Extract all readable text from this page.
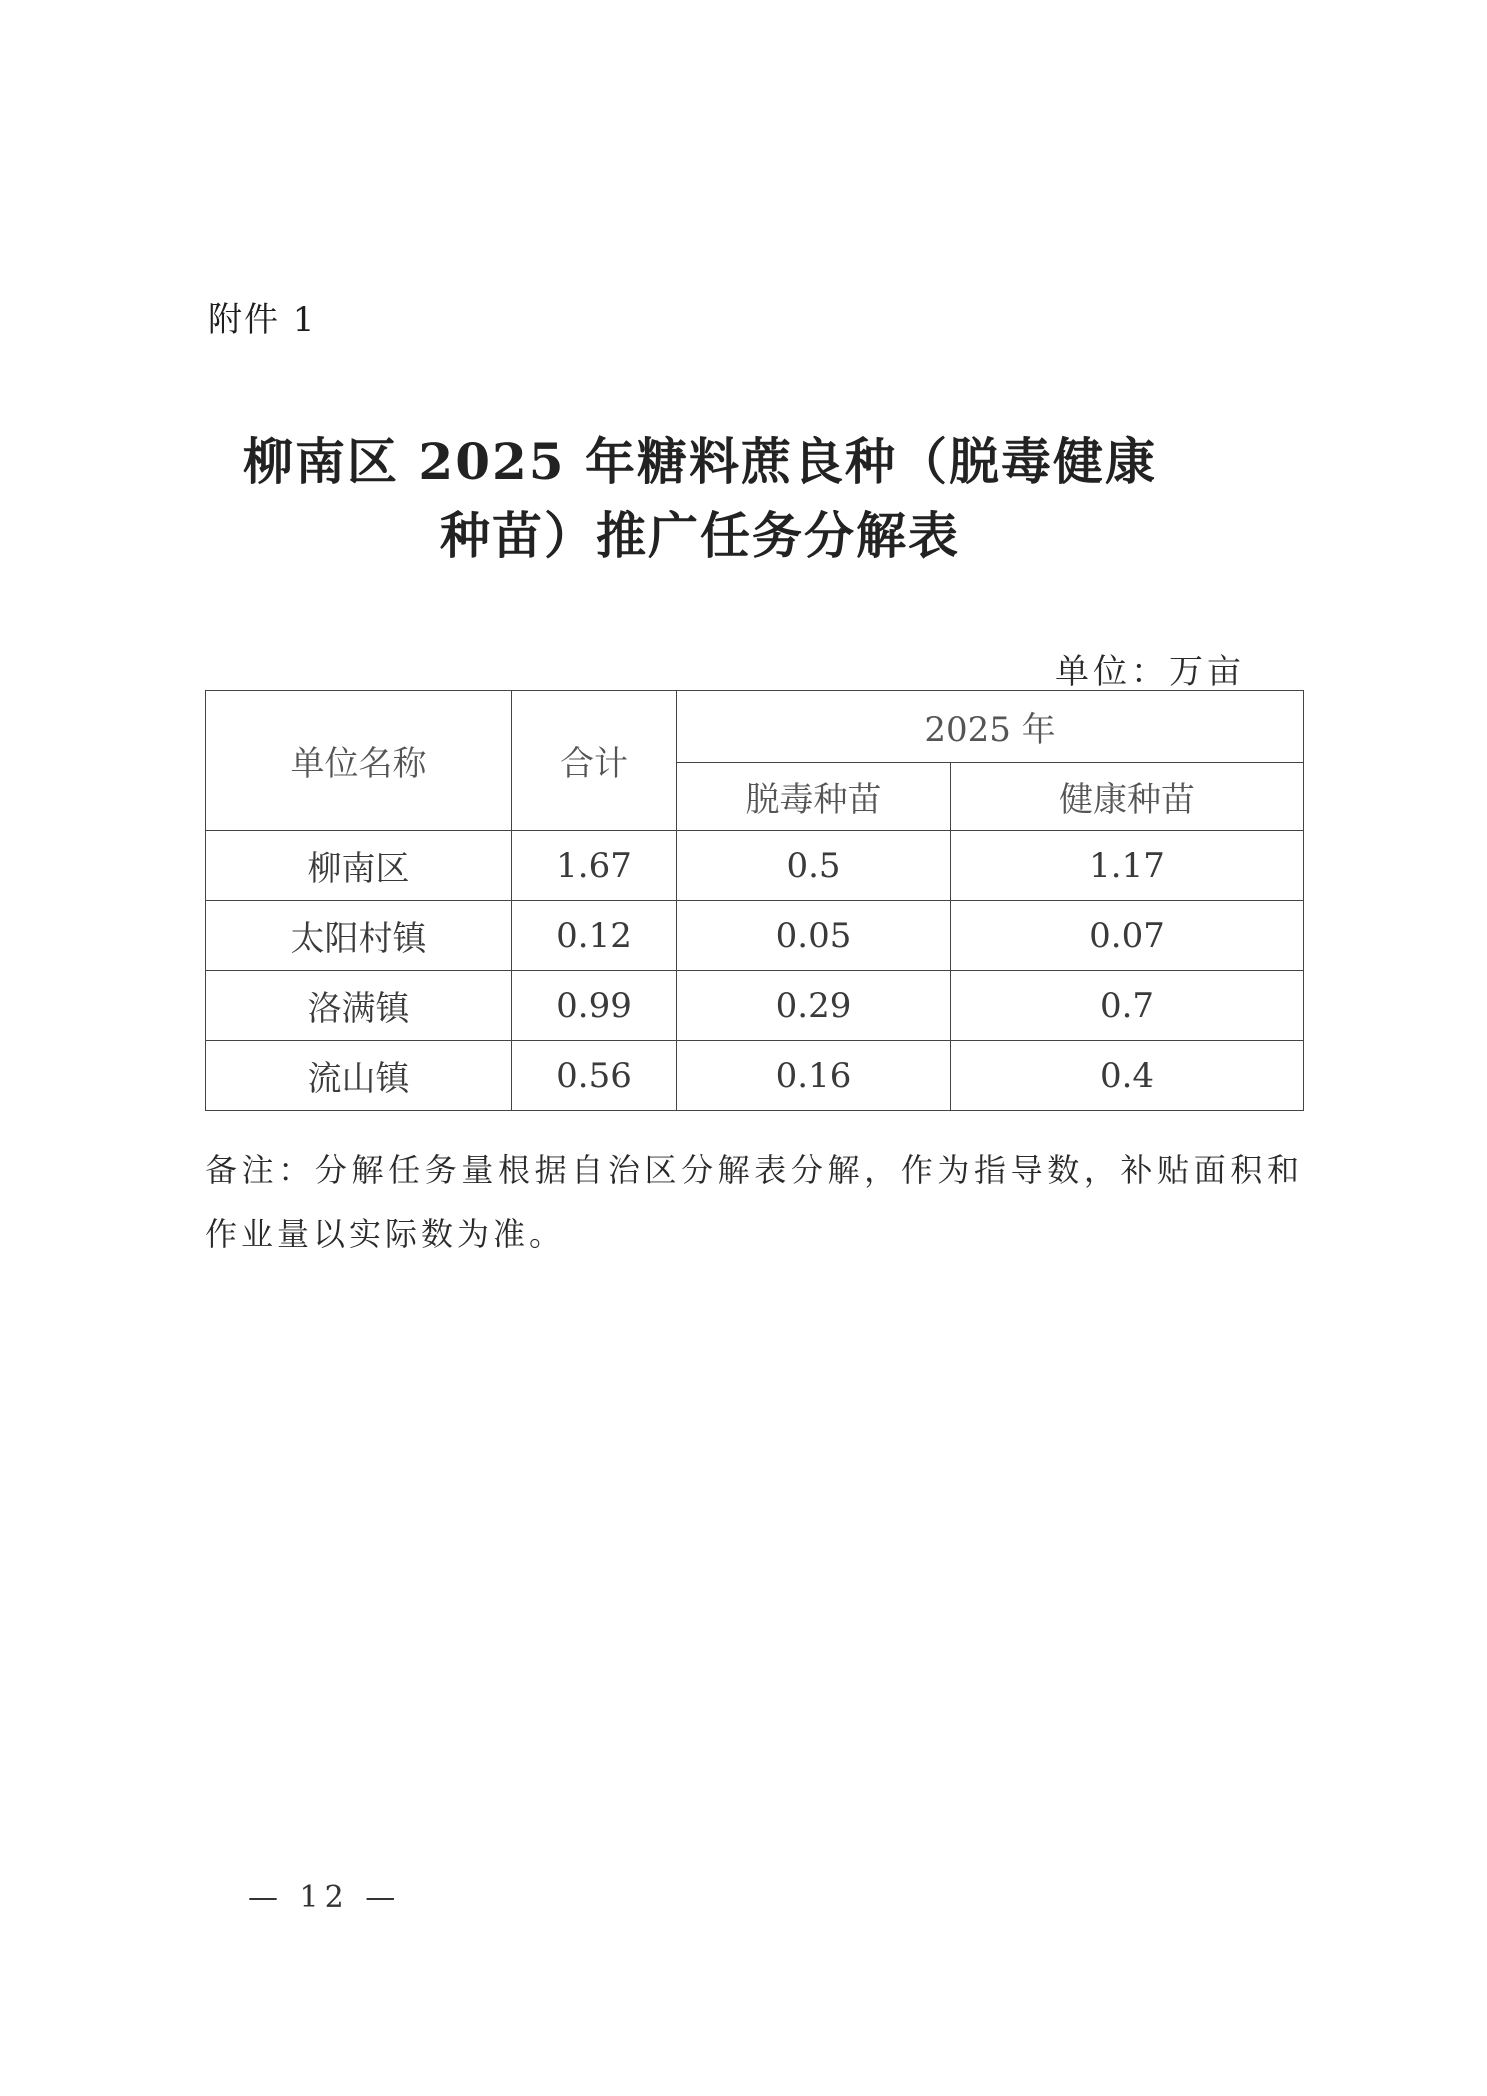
附件 1
柳南区 2025 年糖料蔗良种（脱毒健康
种苗）推广任务分解表
单位：万亩
单位名称	合计	2025 年	
		脱毒种苗	健康种苗
柳南区	1.67	0.5	1.17
太阳村镇	0.12	0.05	0.07
洛满镇	0.99	0.29	0.7
流山镇	0.56	0.16	0.4
备注：分解任务量根据自治区分解表分解，作为指导数，补贴面积和作业量以实际数为准。
— 12 —
